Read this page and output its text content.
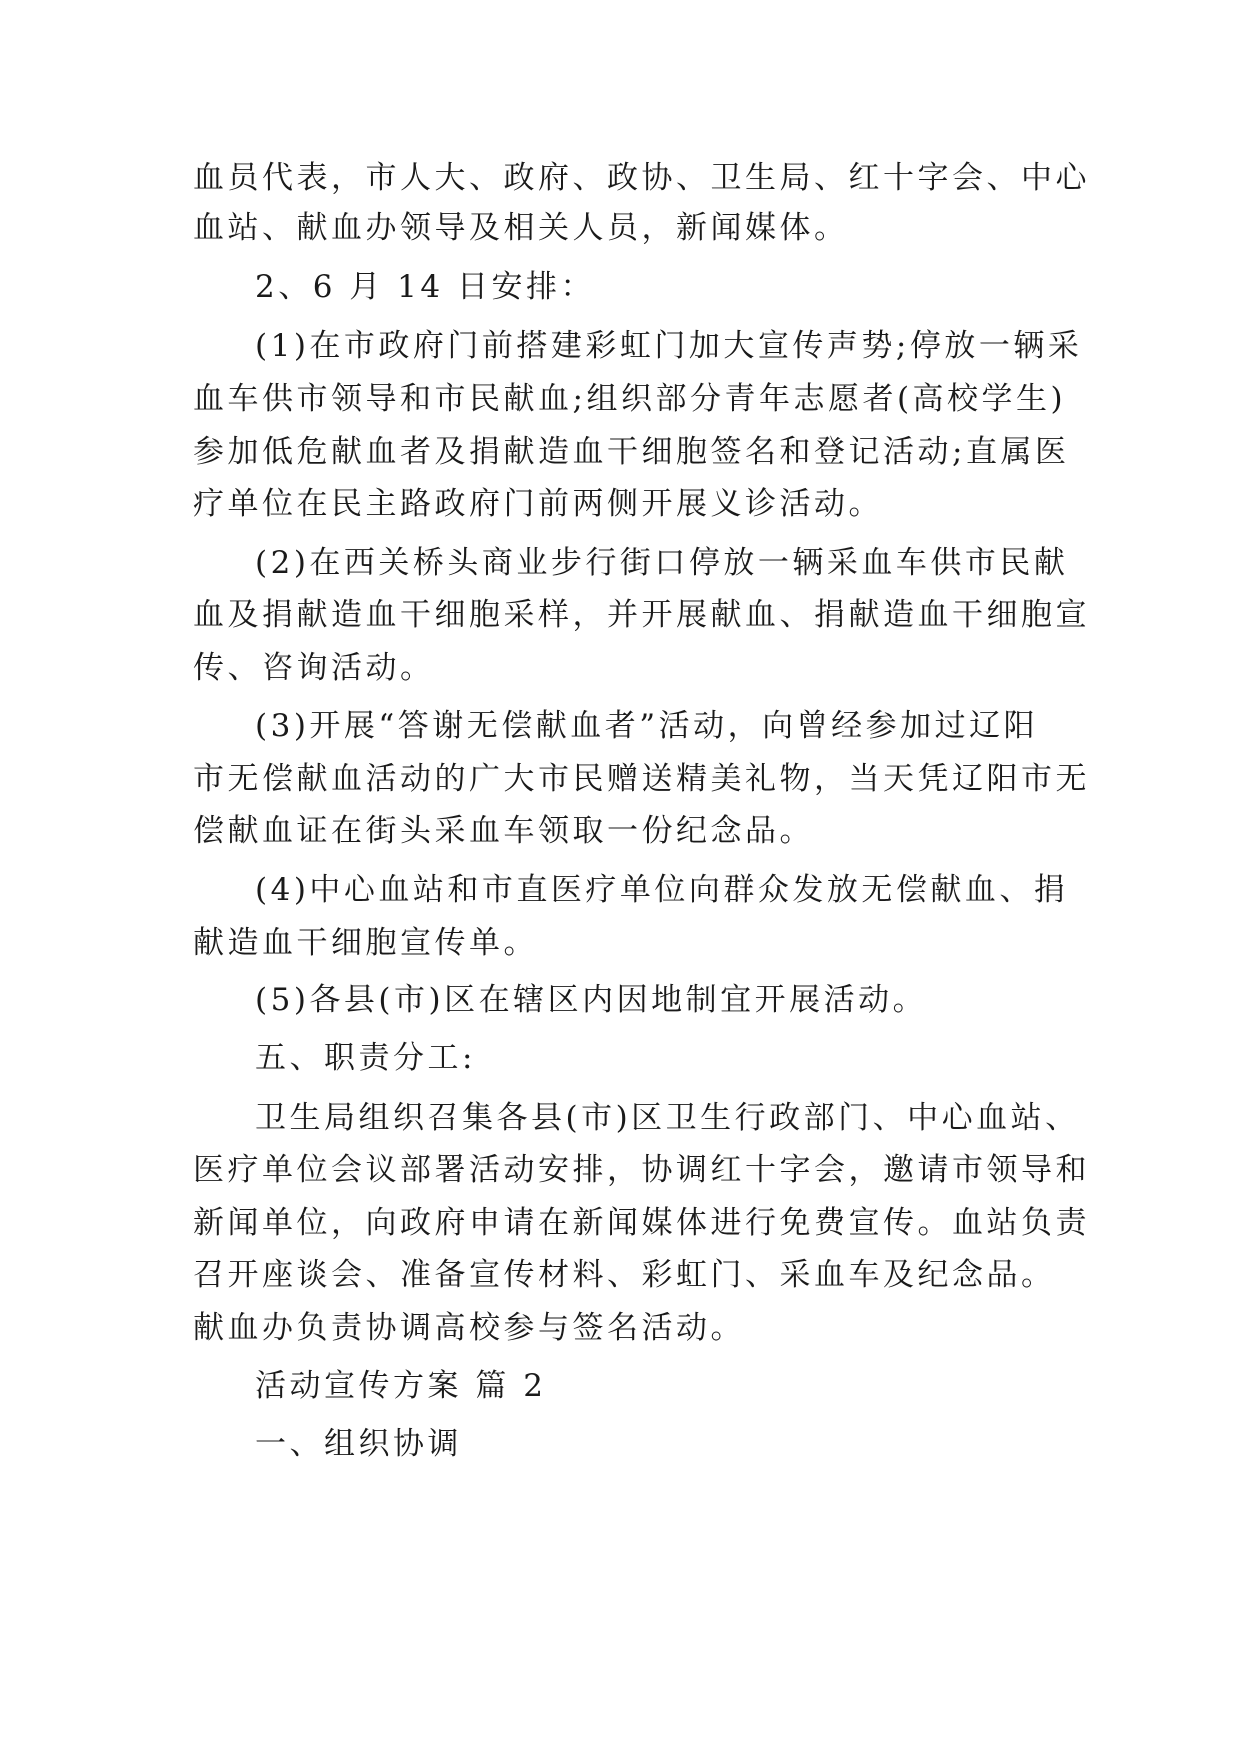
血员代表，市人大、政府、政协、卫生局、红十字会、中心
血站、献血办领导及相关人员，新闻媒体。
2、6 月 14 日安排：
(1)在市政府门前搭建彩虹门加大宣传声势;停放一辆采
血车供市领导和市民献血;组织部分青年志愿者(高校学生)
参加低危献血者及捐献造血干细胞签名和登记活动;直属医
疗单位在民主路政府门前两侧开展义诊活动。
(2)在西关桥头商业步行街口停放一辆采血车供市民献
血及捐献造血干细胞采样，并开展献血、捐献造血干细胞宣
传、咨询活动。
(3)开展“答谢无偿献血者”活动，向曾经参加过辽阳
市无偿献血活动的广大市民赠送精美礼物，当天凭辽阳市无
偿献血证在街头采血车领取一份纪念品。
(4)中心血站和市直医疗单位向群众发放无偿献血、捐
献造血干细胞宣传单。
(5)各县(市)区在辖区内因地制宜开展活动。
五、职责分工:
卫生局组织召集各县(市)区卫生行政部门、中心血站、
医疗单位会议部署活动安排，协调红十字会，邀请市领导和
新闻单位，向政府申请在新闻媒体进行免费宣传。血站负责
召开座谈会、准备宣传材料、彩虹门、采血车及纪念品。
献血办负责协调高校参与签名活动。
活动宣传方案 篇 2
一、组织协调
